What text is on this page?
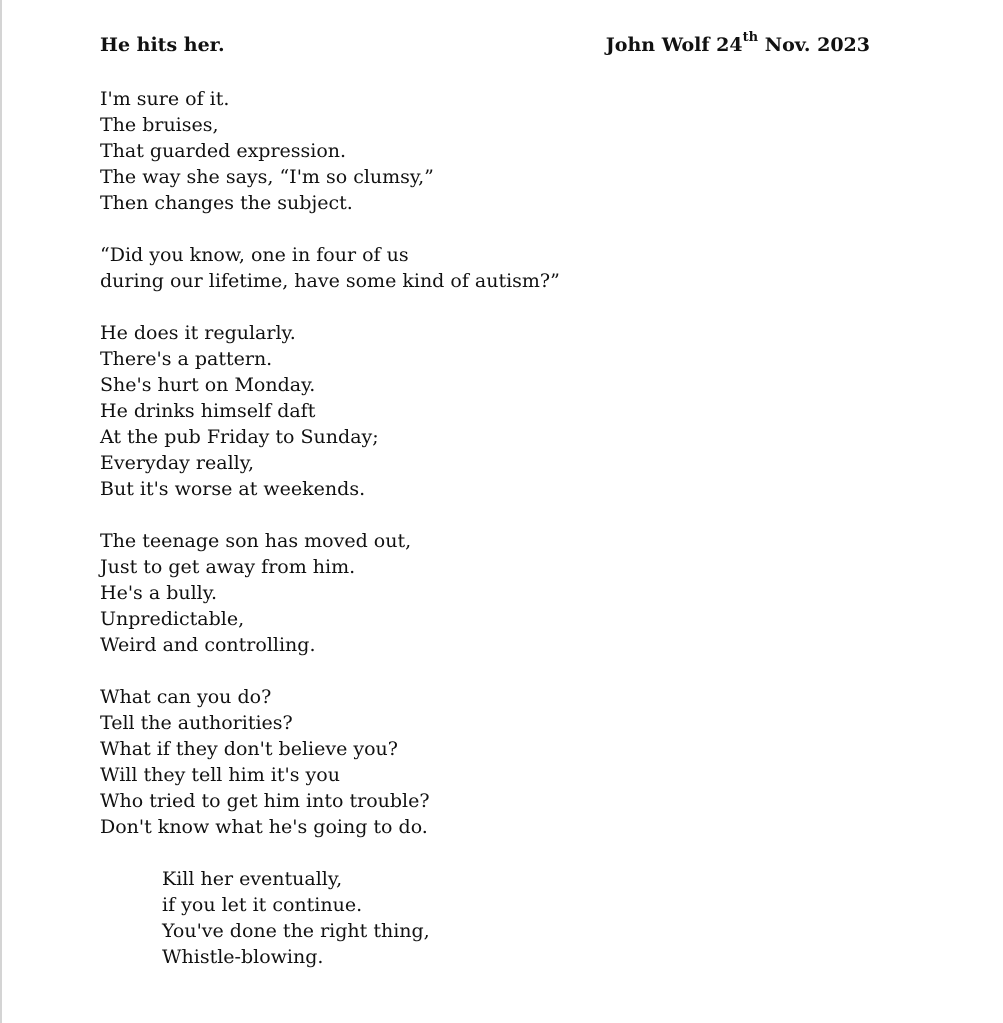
He hits her.	John Wolf 24th Nov. 2023
I'm sure of it.
The bruises,
That guarded expression.
The way she says, “I'm so clumsy,”
Then changes the subject.
“Did you know, one in four of us
during our lifetime, have some kind of autism?”
He does it regularly.
There's a pattern.
She's hurt on Monday.
He drinks himself daft
At the pub Friday to Sunday;
Everyday really,
But it's worse at weekends.
The teenage son has moved out,
Just to get away from him.
He's a bully.
Unpredictable,
Weird and controlling.
What can you do?
Tell the authorities?
What if they don't believe you?
Will they tell him it's you
Who tried to get him into trouble?
Don't know what he's going to do.
Kill her eventually,
if you let it continue.
You've done the right thing,
Whistle-blowing.
